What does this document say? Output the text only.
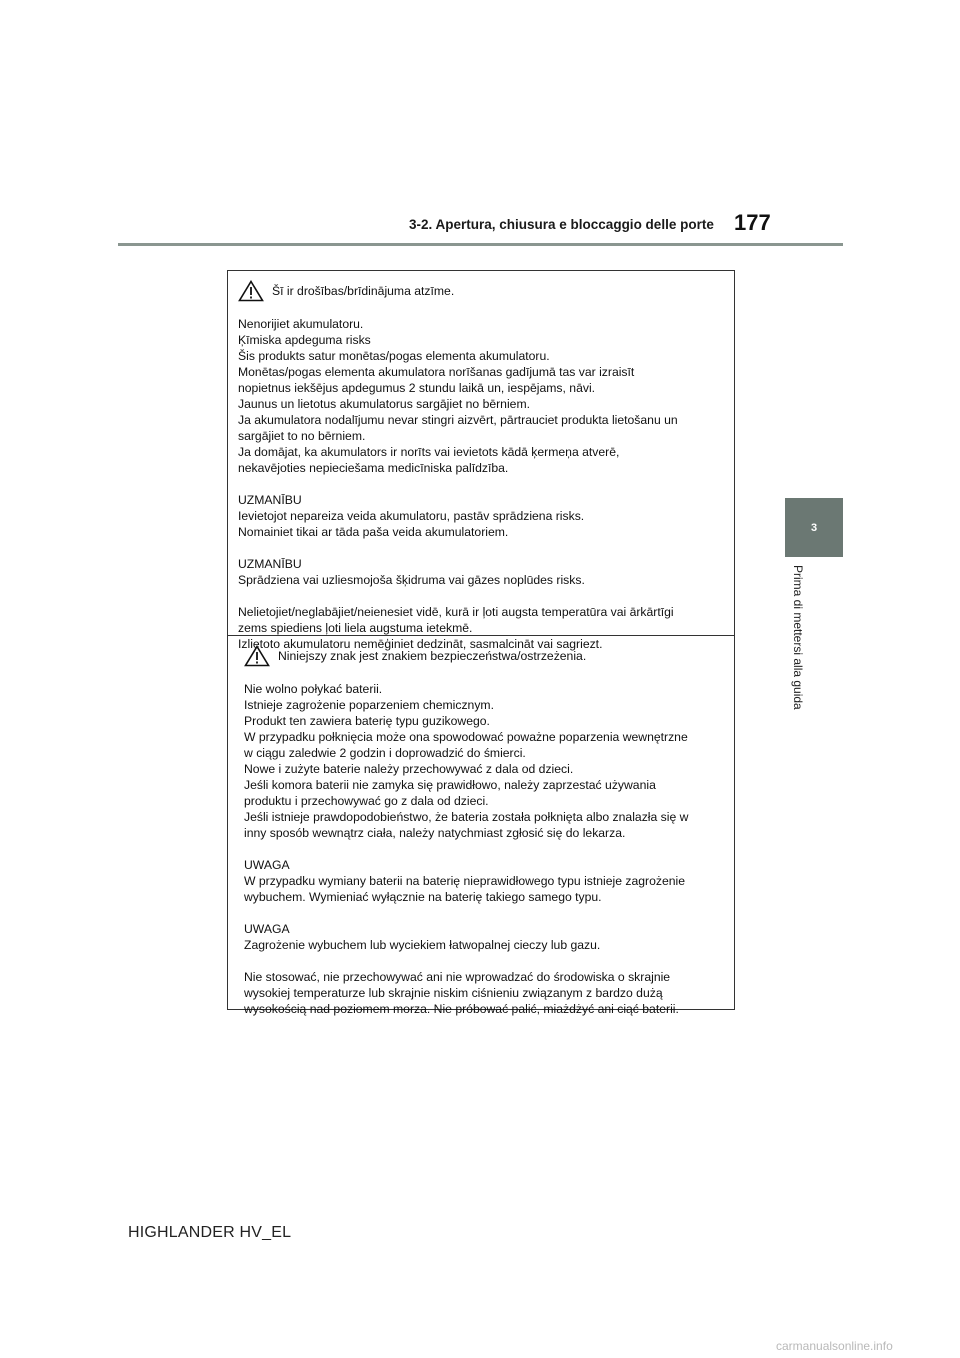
3-2. Apertura, chiusura e bloccaggio delle porte 177
3
Prima di mettersi alla guida
Šī ir drošības/brīdinājuma atzīme.

Nenorijiet akumulatoru.

Ķīmiska apdeguma risks

Šis produkts satur monētas/pogas elementa akumulatoru.

Monētas/pogas elementa akumulatora norīšanas gadījumā tas var izraisīt

nopietnus iekšējus apdegumus 2 stundu laikā un, iespējams, nāvi.

Jaunus un lietotus akumulatorus sargājiet no bērniem.

Ja akumulatora nodalījumu nevar stingri aizvērt, pārtrauciet produkta lietošanu un

sargājiet to no bērniem.

Ja domājat, ka akumulators ir norīts vai ievietots kādā ķermeņa atverē,

nekavējoties nepieciešama medicīniska palīdzība.

UZMANĪBU

Ievietojot nepareiza veida akumulatoru, pastāv sprādziena risks.

Nomainiet tikai ar tāda paša veida akumulatoriem.

UZMANĪBU

Sprādziena vai uzliesmojoša šķidruma vai gāzes noplūdes risks.

Nelietojiet/neglabājiet/neienesiet vidē, kurā ir ļoti augsta temperatūra vai ārkārtīgi

zems spiediens ļoti liela augstuma ietekmē.

Izlietoto akumulatoru nemēģiniet dedzināt, sasmalcināt vai sagriezt.

Niniejszy znak jest znakiem bezpieczeństwa/ostrzeżenia.

Nie wolno połykać baterii.

Istnieje zagrożenie poparzeniem chemicznym.

Produkt ten zawiera baterię typu guzikowego.

W przypadku połknięcia może ona spowodować poważne poparzenia wewnętrzne

w ciągu zaledwie 2 godzin i doprowadzić do śmierci.

Nowe i zużyte baterie należy przechowywać z dala od dzieci.

Jeśli komora baterii nie zamyka się prawidłowo, należy zaprzestać używania

produktu i przechowywać go z dala od dzieci.

Jeśli istnieje prawdopodobieństwo, że bateria została połknięta albo znalazła się w

inny sposób wewnątrz ciała, należy natychmiast zgłosić się do lekarza.

UWAGA

W przypadku wymiany baterii na baterię nieprawidłowego typu istnieje zagrożenie

wybuchem. Wymieniać wyłącznie na baterię takiego samego typu.

UWAGA

Zagrożenie wybuchem lub wyciekiem łatwopalnej cieczy lub gazu.

Nie stosować, nie przechowywać ani nie wprowadzać do środowiska o skrajnie

wysokiej temperaturze lub skrajnie niskim ciśnieniu związanym z bardzo dużą

wysokością nad poziomem morza. Nie próbować palić, miażdżyć ani ciąć baterii.

HIGHLANDER HV_EL
carmanualsonline.info
